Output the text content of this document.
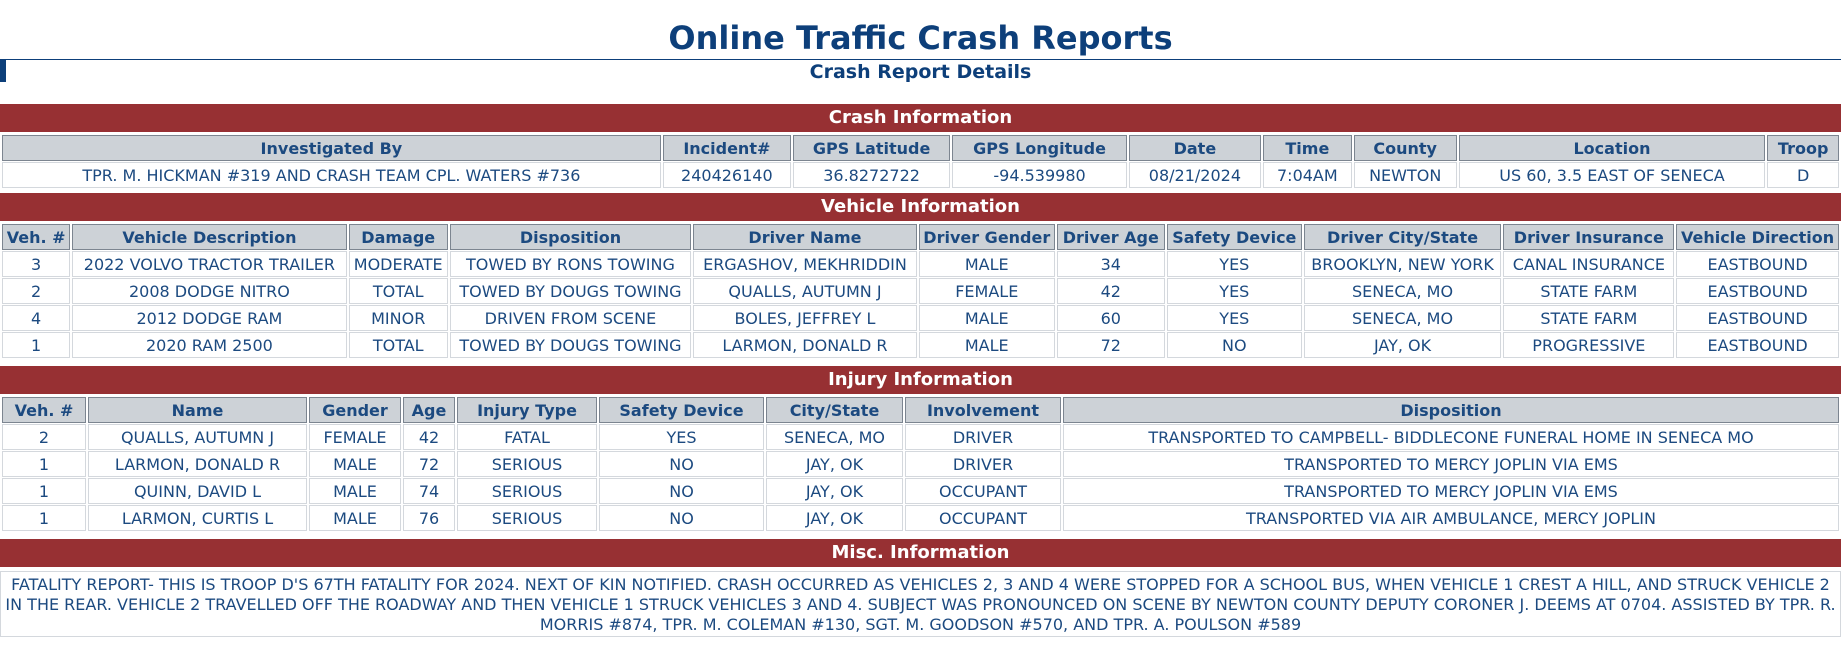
Online Traffic Crash Reports
Crash Report Details
Crash Information
Investigated By	Incident#	GPS Latitude	GPS Longitude	Date	Time	County	Location	Troop
TPR. M. HICKMAN #319 AND CRASH TEAM CPL. WATERS #736	240426140	36.8272722	-94.539980	08/21/2024	7:04AM	NEWTON	US 60, 3.5 EAST OF SENECA	D
Vehicle Information
Veh. #	Vehicle Description	Damage	Disposition	Driver Name	Driver Gender	Driver Age	Safety Device	Driver City/State	Driver Insurance	Vehicle Direction
3	2022 VOLVO TRACTOR TRAILER	MODERATE	TOWED BY RONS TOWING	ERGASHOV, MEKHRIDDIN	MALE	34	YES	BROOKLYN, NEW YORK	CANAL INSURANCE	EASTBOUND
2	2008 DODGE NITRO	TOTAL	TOWED BY DOUGS TOWING	QUALLS, AUTUMN J	FEMALE	42	YES	SENECA, MO	STATE FARM	EASTBOUND
4	2012 DODGE RAM	MINOR	DRIVEN FROM SCENE	BOLES, JEFFREY L	MALE	60	YES	SENECA, MO	STATE FARM	EASTBOUND
1	2020 RAM 2500	TOTAL	TOWED BY DOUGS TOWING	LARMON, DONALD R	MALE	72	NO	JAY, OK	PROGRESSIVE	EASTBOUND
Injury Information
Veh. #	Name	Gender	Age	Injury Type	Safety Device	City/State	Involvement	Disposition
2	QUALLS, AUTUMN J	FEMALE	42	FATAL	YES	SENECA, MO	DRIVER	TRANSPORTED TO CAMPBELL- BIDDLECONE FUNERAL HOME IN SENECA MO
1	LARMON, DONALD R	MALE	72	SERIOUS	NO	JAY, OK	DRIVER	TRANSPORTED TO MERCY JOPLIN VIA EMS
1	QUINN, DAVID L	MALE	74	SERIOUS	NO	JAY, OK	OCCUPANT	TRANSPORTED TO MERCY JOPLIN VIA EMS
1	LARMON, CURTIS L	MALE	76	SERIOUS	NO	JAY, OK	OCCUPANT	TRANSPORTED VIA AIR AMBULANCE, MERCY JOPLIN
Misc. Information
FATALITY REPORT- THIS IS TROOP D'S 67TH FATALITY FOR 2024. NEXT OF KIN NOTIFIED. CRASH OCCURRED AS VEHICLES 2, 3 AND 4 WERE STOPPED FOR A SCHOOL BUS, WHEN VEHICLE 1 CREST A HILL, AND STRUCK VEHICLE 2 IN THE REAR. VEHICLE 2 TRAVELLED OFF THE ROADWAY AND THEN VEHICLE 1 STRUCK VEHICLES 3 AND 4. SUBJECT WAS PRONOUNCED ON SCENE BY NEWTON COUNTY DEPUTY CORONER J. DEEMS AT 0704. ASSISTED BY TPR. R. MORRIS #874, TPR. M. COLEMAN #130, SGT. M. GOODSON #570, AND TPR. A. POULSON #589
